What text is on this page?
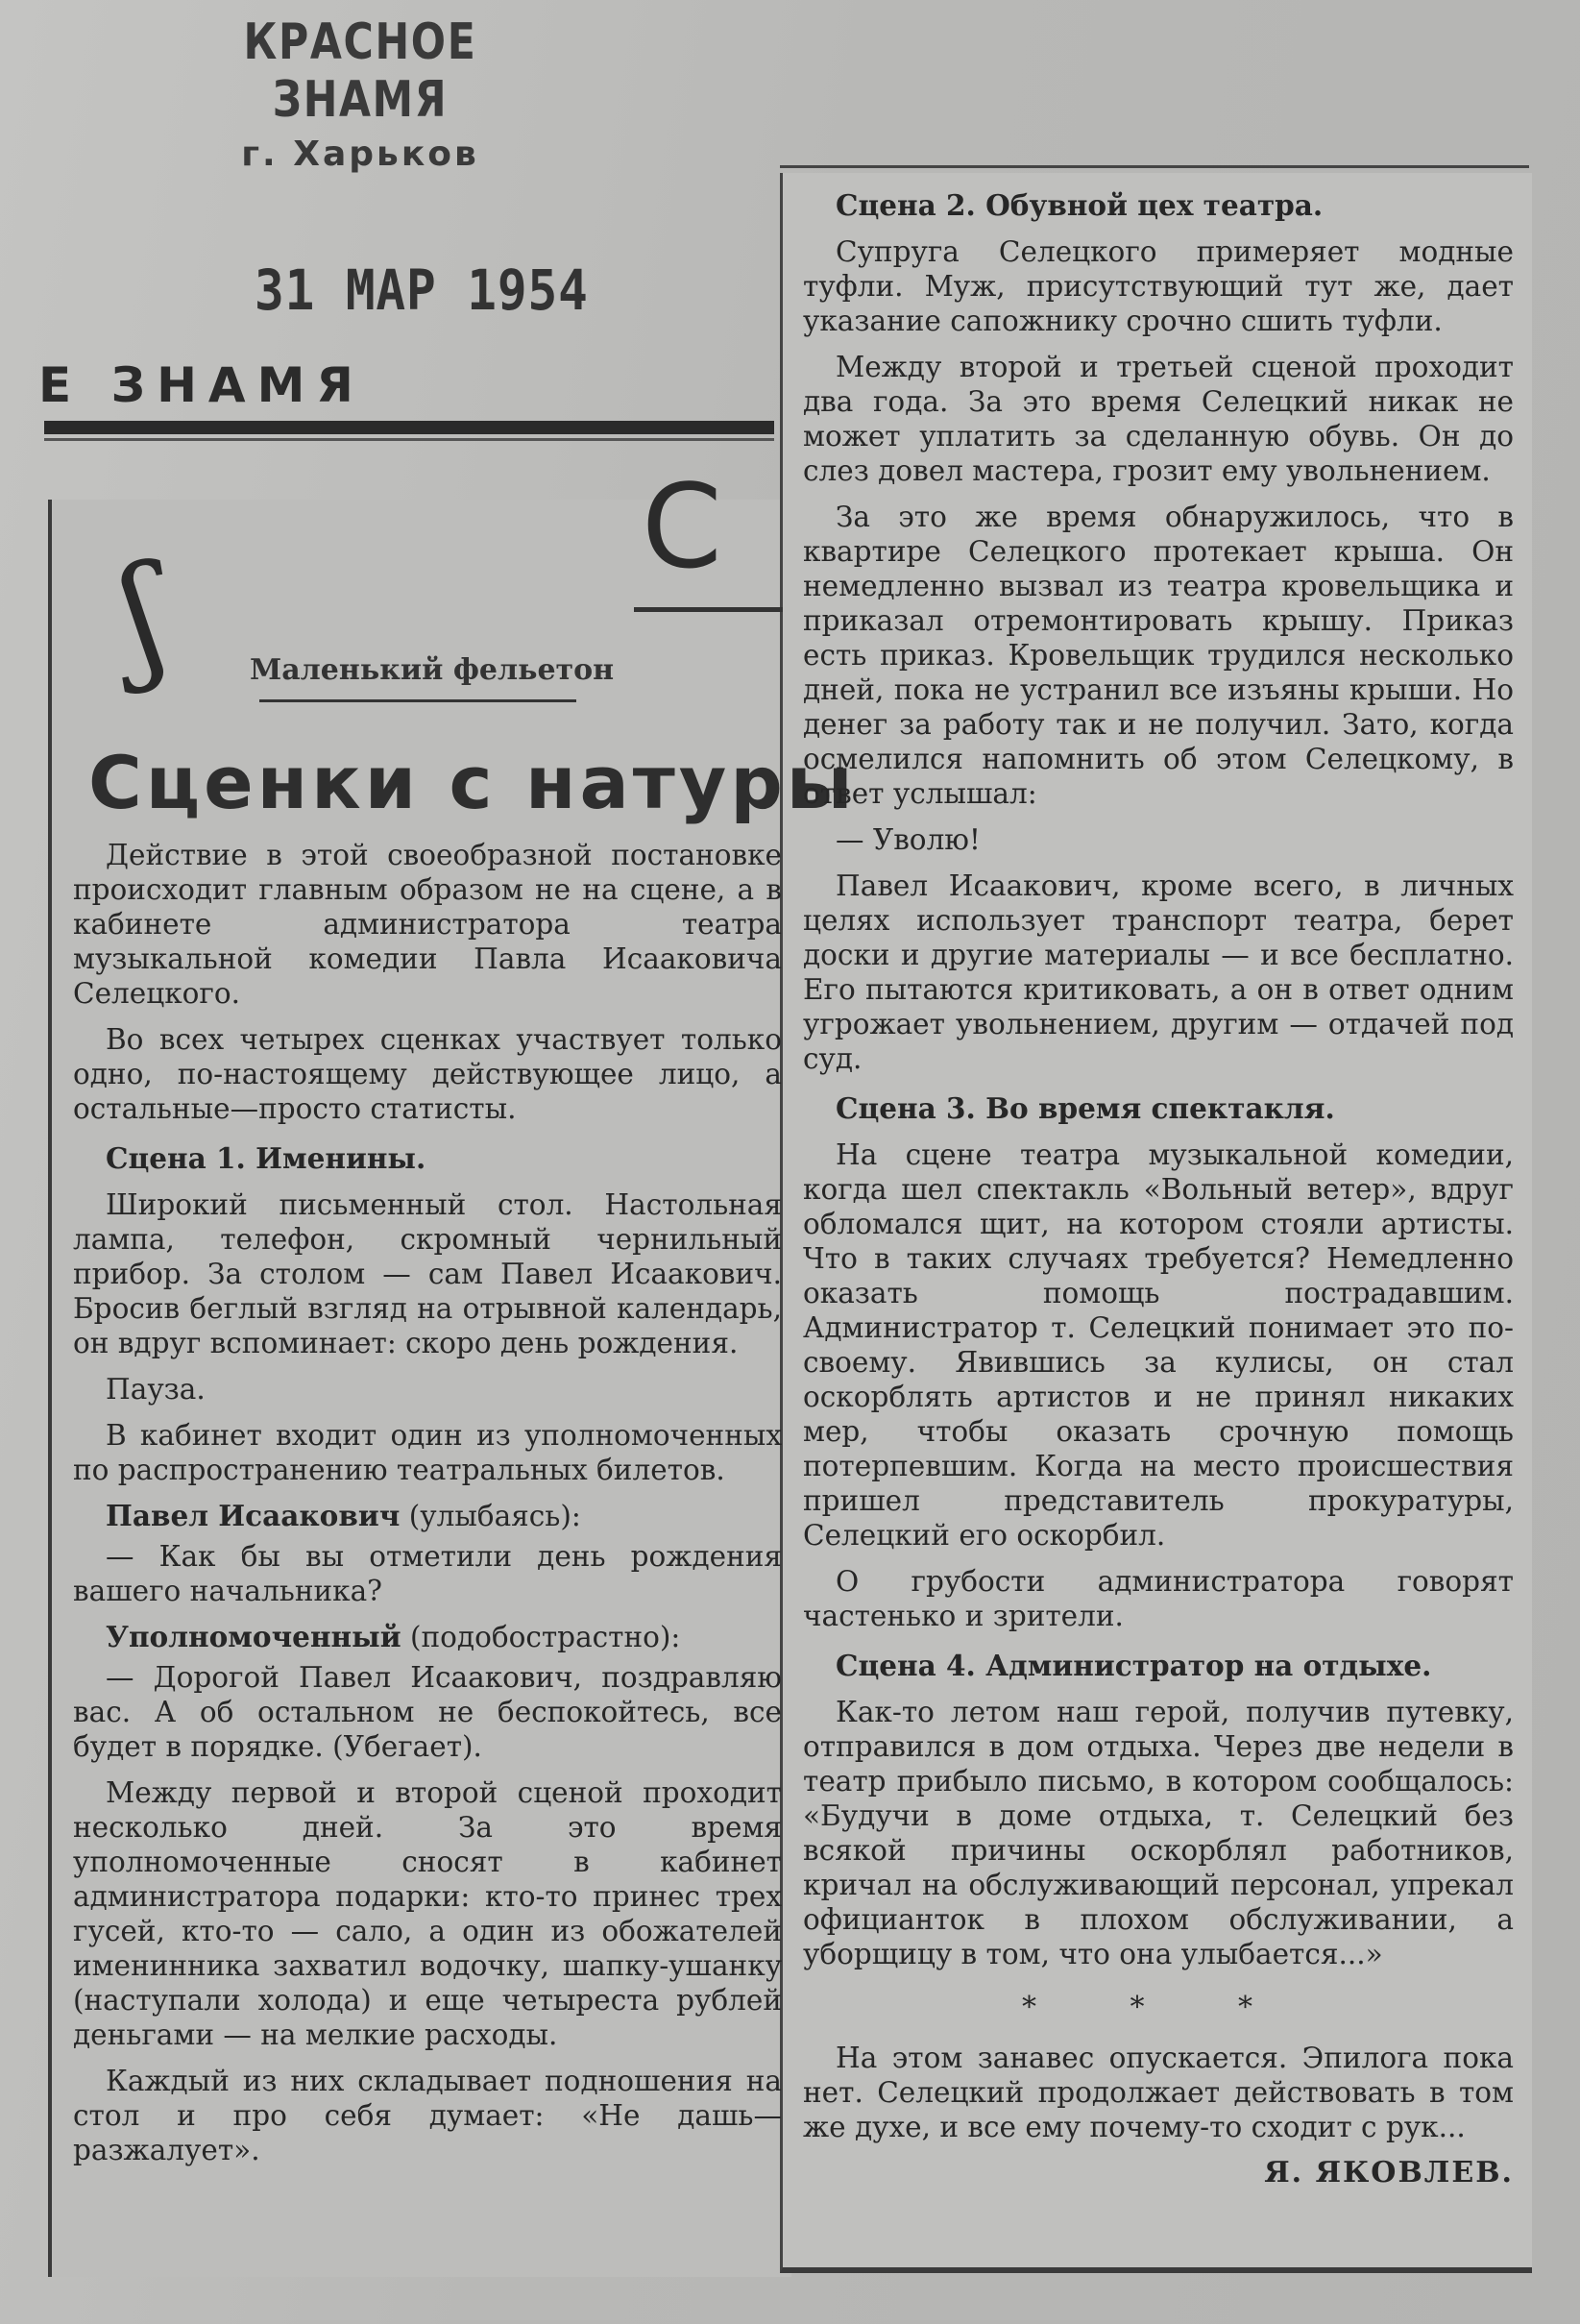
КРАСНОЕ ЗНАМЯ
г. Харьков
31 МАР 1954
Е ЗНАМЯ
С
ʃ	Маленький фельетон
Сценки с натуры

Действие в этой своеобразной постановке происходит главным образом не на сцене, а в кабинете администратора театра музыкальной комедии Павла Исааковича Селецкого.

Во всех четырех сценках участвует только одно, по-настоящему действующее лицо, а остальные—просто статисты.

Сцена 1. Именины.

Широкий письменный стол. Настольная лампа, телефон, скромный чернильный прибор. За столом — сам Павел Исаакович. Бросив беглый взгляд на отрывной календарь, он вдруг вспоминает: скоро день рождения.

Пауза.

В кабинет входит один из уполномоченных по распространению театральных билетов.

Павел Исаакович (улыбаясь):

— Как бы вы отметили день рождения вашего начальника?

Уполномоченный (подобострастно):

— Дорогой Павел Исаакович, поздравляю вас. А об остальном не беспокойтесь, все будет в порядке. (Убегает).

Между первой и второй сценой проходит несколько дней. За это время уполномоченные сносят в кабинет администратора подарки: кто-то принес трех гусей, кто-то — сало, а один из обожателей именинника захватил водочку, шапку-ушанку (наступали холода) и еще четыреста рублей деньгами — на мелкие расходы.

Каждый из них складывает подношения на стол и про себя думает: «Не дашь— разжалует».

Сцена 2. Обувной цех театра.

Супруга Селецкого примеряет модные туфли. Муж, присутствующий тут же, дает указание сапожнику срочно сшить туфли.

Между второй и третьей сценой проходит два года. За это время Селецкий никак не может уплатить за сделанную обувь. Он до слез довел мастера, грозит ему увольнением.

За это же время обнаружилось, что в квартире Селецкого протекает крыша. Он немедленно вызвал из театра кровельщика и приказал отремонтировать крышу. Приказ есть приказ. Кровельщик трудился несколько дней, пока не устранил все изъяны крыши. Но денег за работу так и не получил. Зато, когда осмелился напомнить об этом Селецкому, в ответ услышал:

— Уволю!

Павел Исаакович, кроме всего, в личных целях использует транспорт театра, берет доски и другие материалы — и все бесплатно. Его пытаются критиковать, а он в ответ одним угрожает увольнением, другим — отдачей под суд.

Сцена 3. Во время спектакля.

На сцене театра музыкальной комедии, когда шел спектакль «Вольный ветер», вдруг обломался щит, на котором стояли артисты. Что в таких случаях требуется? Немедленно оказать помощь пострадавшим. Администратор т. Селецкий понимает это по-своему. Явившись за кулисы, он стал оскорблять артистов и не принял никаких мер, чтобы оказать срочную помощь потерпевшим. Когда на место происшествия пришел представитель прокуратуры, Селецкий его оскорбил.

О грубости администратора говорят частенько и зрители.

Сцена 4. Администратор на отдыхе.

Как-то летом наш герой, получив путевку, отправился в дом отдыха. Через две недели в театр прибыло письмо, в котором сообщалось: «Будучи в доме отдыха, т. Селецкий без всякой причины оскорблял работников, кричал на обслуживающий персонал, упрекал официанток в плохом обслуживании, а уборщицу в том, что она улыбается...»

* * *

На этом занавес опускается. Эпилога пока нет. Селецкий продолжает действовать в том же духе, и все ему почему-то сходит с рук...

Я. ЯКОВЛЕВ.
